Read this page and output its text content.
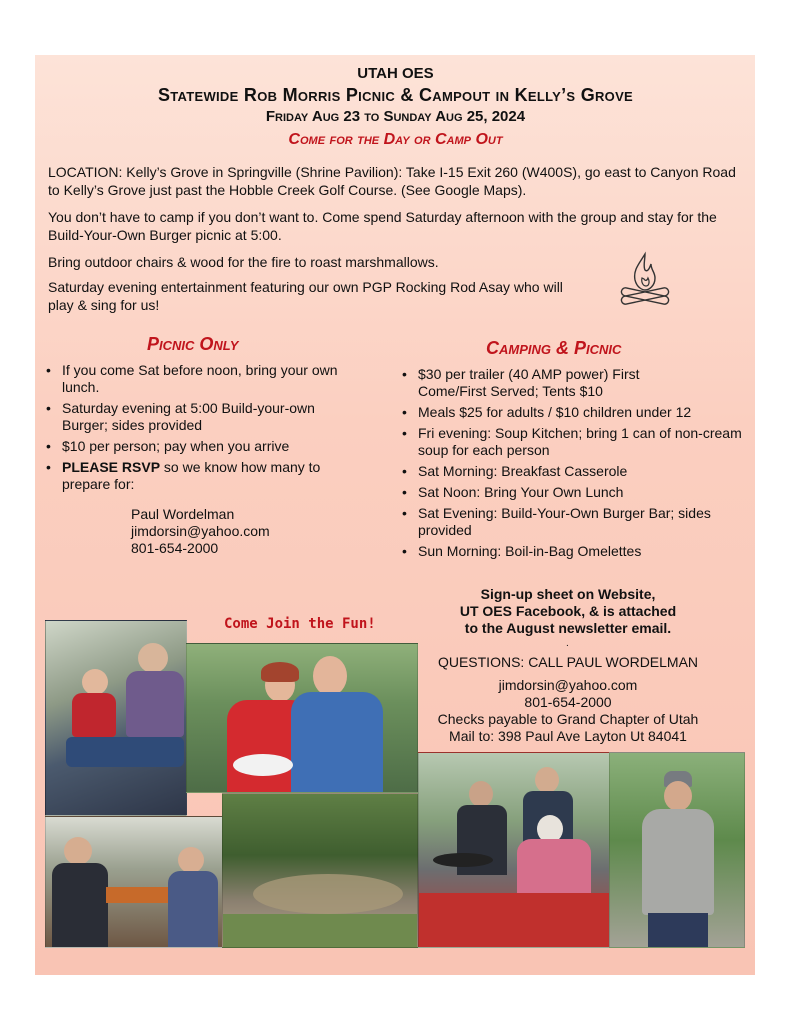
UTAH OES
Statewide Rob Morris Picnic & Campout in Kelly’s Grove
Friday Aug 23 to Sunday Aug 25, 2024
Come for the Day or Camp Out
LOCATION: Kelly’s Grove in Springville (Shrine Pavilion): Take I-15 Exit 260 (W400S), go east to Canyon Road to Kelly’s Grove just past the Hobble Creek Golf Course. (See Google Maps).
You don’t have to camp if you don’t want to. Come spend Saturday afternoon with the group and stay for the Build-Your-Own Burger picnic at 5:00.
Bring outdoor chairs & wood for the fire to roast marshmallows.
Saturday evening entertainment featuring our own PGP Rocking Rod Asay who will play & sing for us!
Picnic Only
• If you come Sat before noon, bring your own lunch.
• Saturday evening at 5:00 Build-your-own Burger; sides provided
• $10 per person; pay when you arrive
• PLEASE RSVP so we know how many to prepare for:
Paul Wordelman
jimdorsin@yahoo.com
801-654-2000
Camping & Picnic
• $30 per trailer (40 AMP power) First Come/First Served; Tents $10
• Meals $25 for adults / $10 children under 12
• Fri evening: Soup Kitchen; bring 1 can of non-cream soup for each person
• Sat Morning: Breakfast Casserole
• Sat Noon: Bring Your Own Lunch
• Sat Evening: Build-Your-Own Burger Bar; sides provided
• Sun Morning: Boil-in-Bag Omelettes
Sign-up sheet on Website,
UT OES Facebook, & is attached
to the August newsletter email.
.
QUESTIONS: CALL PAUL WORDELMAN
jimdorsin@yahoo.com
801-654-2000
Checks payable to Grand Chapter of Utah
Mail to: 398 Paul Ave Layton Ut 84041
Come Join the Fun!
